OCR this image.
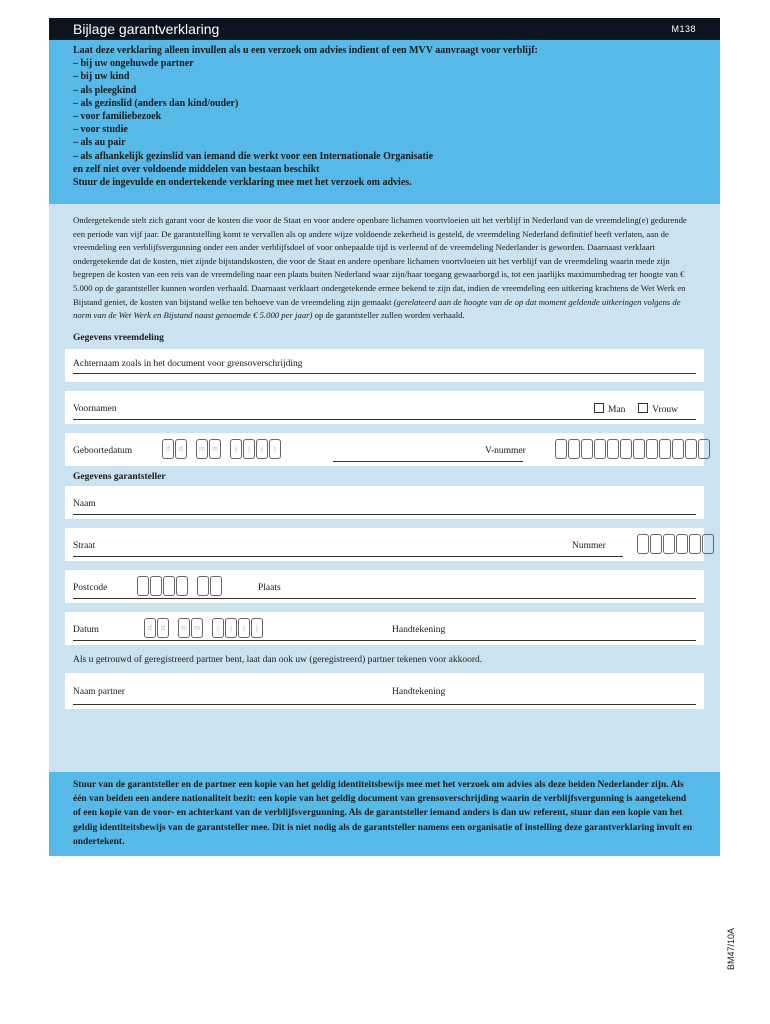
Bijlage garantverklaring	M138
Laat deze verklaring alleen invullen als u een verzoek om advies indient of een MVV aanvraagt voor verblijf:
– bij uw ongehuwde partner
– bij uw kind
– als pleegkind
– als gezinslid (anders dan kind/ouder)
– voor familiebezoek
– voor studie
– als au pair
– als afhankelijk gezinslid van iemand die werkt voor een Internationale Organisatie
en zelf niet over voldoende middelen van bestaan beschikt
Stuur de ingevulde en ondertekende verklaring mee met het verzoek om advies.
Ondergetekende stelt zich garant voor de kosten die voor de Staat en voor andere openbare lichamen voortvloeien uit het verblijf in Nederland van de vreemdeling(e) gedurende een periode van vijf jaar. De garantstelling komt te vervallen als op andere wijze voldoende zekerheid is gesteld, de vreemdeling Nederland definitief heeft verlaten, aan de vreemdeling een verblijfsvergunning onder een ander verblijfsdoel of voor onbepaalde tijd is verleend of de vreemdeling Nederlander is geworden. Daarnaast verklaart ondergetekende dat de kosten, niet zijnde bijstandskosten, die voor de Staat en andere openbare lichamen voortvloeien uit het verblijf van de vreemdeling waarin mede zijn begrepen de kosten van een reis van de vreemdeling naar een plaats buiten Nederland waar zijn/haar toegang gewaarborgd is, tot een jaarlijks maximumbedrag ter hoogte van € 5.000 op de garantsteller kunnen worden verhaald. Daarnaast verklaart ondergetekende ermee bekend te zijn dat, indien de vreemdeling een uitkering krachtens de Wet Werk en Bijstand geniet, de kosten van bijstand welke ten behoeve van de vreemdeling zijn gemaakt (gerelateerd aan de hoogte van de op dat moment geldende uitkeringen volgens de norm van de Wet Werk en Bijstand naast genoemde € 5.000 per jaar) op de garantsteller zullen worden verhaald.
Gegevens vreemdeling
Achternaam zoals in het document voor grensoverschrijding
Voornamen	Man	Vrouw
Geboortedatum	d	d	m	m	j	j	j	j	V-nummer
Gegevens garantsteller
Naam
Straat	Nummer
Postcode	Plaats
Datum	d	d	m	m	j	j	j	j	Handtekening
Als u getrouwd of geregistreerd partner bent, laat dan ook uw (geregistreerd) partner tekenen voor akkoord.
Naam partner	Handtekening
Stuur van de garantsteller en de partner een kopie van het geldig identiteitsbewijs mee met het verzoek om advies als deze beiden Nederlander zijn. Als één van beiden een andere nationaliteit bezit: een kopie van het geldig document van grensoverschrijding waarin de verblijfsvergunning is aangetekend of een kopie van de voor- en achterkant van de verblijfsvergunning. Als de garantsteller iemand anders is dan uw referent, stuur dan een kopie van het geldig identiteitsbewijs van de garantsteller mee. Dit is niet nodig als de garantsteller namens een organisatie of instelling deze garantverklaring invult en ondertekent.
BM47/10A
